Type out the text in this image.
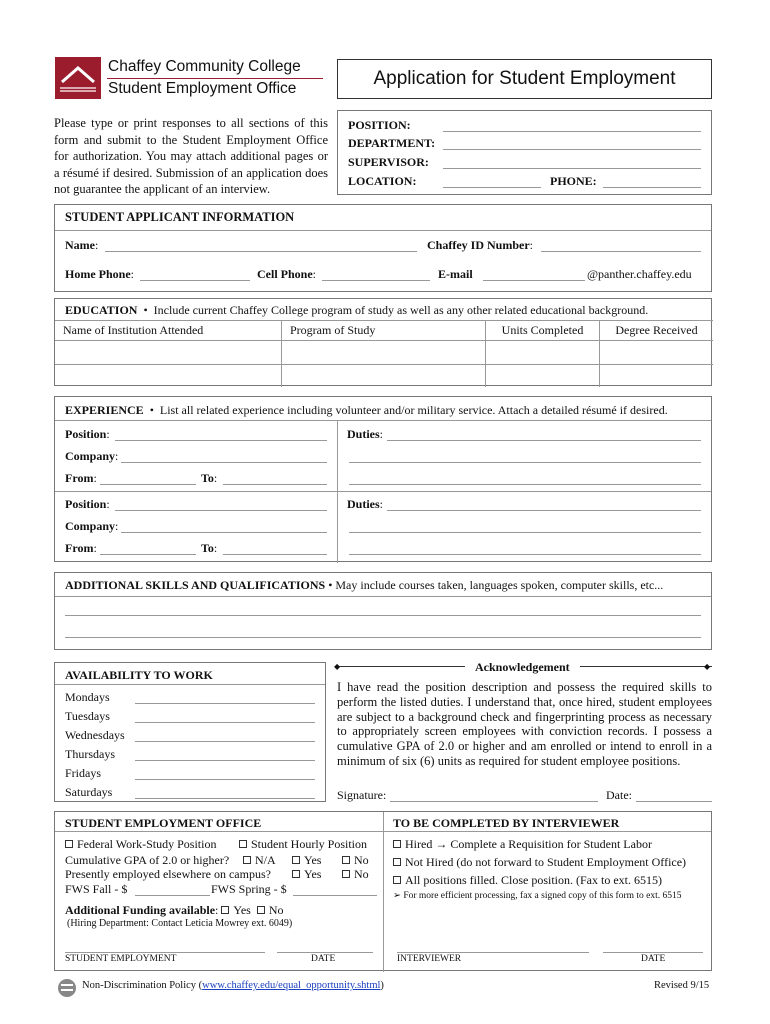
Chaffey Community College
Student Employment Office	Application for Student Employment
Please type or print responses to all sections of this form and submit to the Student Employment Office for authorization. You may attach additional pages or a résumé if desired. Submission of an application does not guarantee the applicant of an interview.
POSITION:
DEPARTMENT:
SUPERVISOR:
LOCATION:	PHONE:
STUDENT APPLICANT INFORMATION
Name:	Chaffey ID Number:
Home Phone:	Cell Phone:	E-mail	@panther.chaffey.edu
EDUCATION  •  Include current Chaffey College program of study as well as any other related educational background.
Name of Institution Attended	Program of Study	Units Completed	Degree Received
EXPERIENCE  •  List all related experience including volunteer and/or military service. Attach a detailed résumé if desired.
Position:
Company:
From:	To:
Duties:
Position:
Company:
From:	To:
Duties:
ADDITIONAL SKILLS AND QUALIFICATIONS • May include courses taken, languages spoken, computer skills, etc...
AVAILABILITY TO WORK
Mondays
Tuesdays
Wednesdays
Thursdays
Fridays
Saturdays
◆	◆
Acknowledgement
I have read the position description and possess the required skills to perform the listed duties. I understand that, once hired, student employees are subject to a background check and fingerprinting process as necessary to appropriately screen employees with conviction records. I possess a cumulative GPA of 2.0 or higher and am enrolled or intend to enroll in a minimum of six (6) units as required for student employee positions.
Signature:	Date:
STUDENT EMPLOYMENT OFFICE
Federal Work-Study Position	Student Hourly Position
Cumulative GPA of 2.0 or higher?	N/A	Yes	No
Presently employed elsewhere on campus?	Yes	No
FWS Fall - $	FWS Spring - $
Additional Funding available: Yes No
(Hiring Department: Contact Leticia Mowrey ext. 6049)
STUDENT EMPLOYMENT	DATE
TO BE COMPLETED BY INTERVIEWER
Hired → Complete a Requisition for Student Labor
Not Hired (do not forward to Student Employment Office)
All positions filled. Close position. (Fax to ext. 6515)
➢ For more efficient processing, fax a signed copy of this form to ext. 6515
INTERVIEWER	DATE
Non-Discrimination Policy (www.chaffey.edu/equal_opportunity.shtml)	Revised 9/15
